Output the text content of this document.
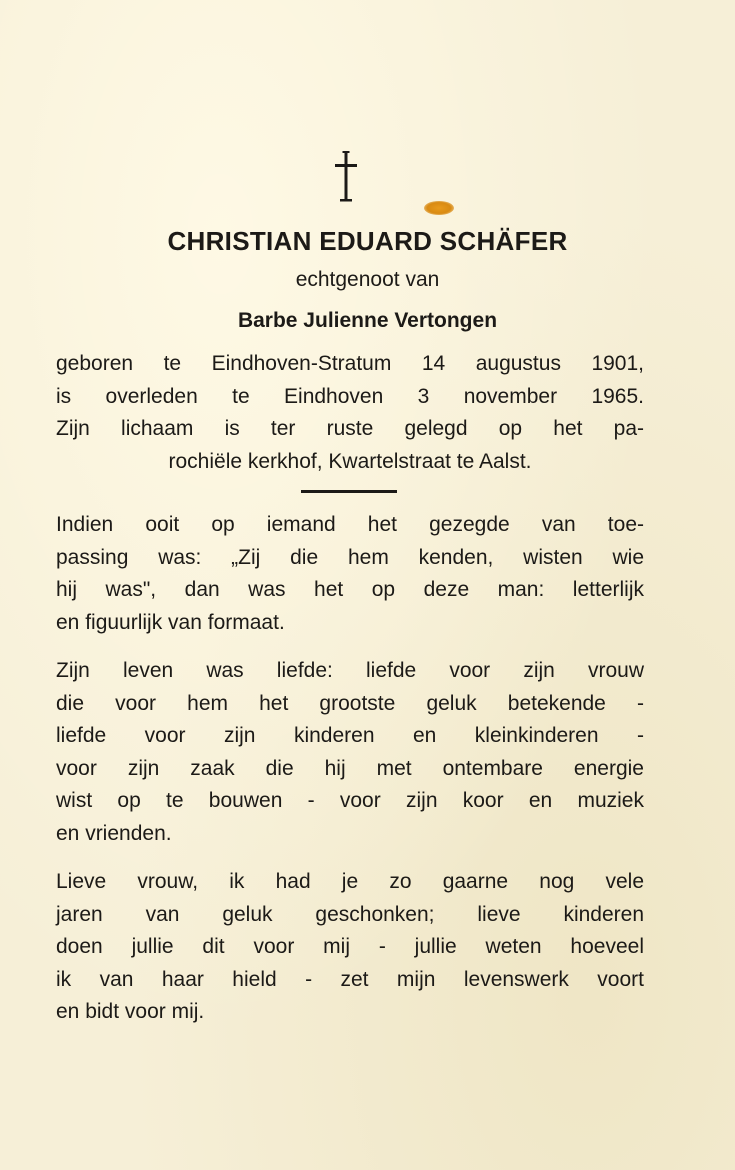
CHRISTIAN EDUARD SCHÄFER
echtgenoot van
Barbe Julienne Vertongen
geboren te Eindhoven-Stratum 14 augustus 1901,
is overleden te Eindhoven 3 november 1965.
Zijn lichaam is ter ruste gelegd op het pa-
rochiële kerkhof, Kwartelstraat te Aalst.
Indien ooit op iemand het gezegde van toe-
passing was: „Zij die hem kenden, wisten wie
hij was", dan was het op deze man: letterlijk
en figuurlijk van formaat.
Zijn leven was liefde: liefde voor zijn vrouw
die voor hem het grootste geluk betekende -
liefde voor zijn kinderen en kleinkinderen -
voor zijn zaak die hij met ontembare energie
wist op te bouwen - voor zijn koor en muziek
en vrienden.
Lieve vrouw, ik had je zo gaarne nog vele
jaren van geluk geschonken; lieve kinderen
doen jullie dit voor mij - jullie weten hoeveel
ik van haar hield - zet mijn levenswerk voort
en bidt voor mij.
